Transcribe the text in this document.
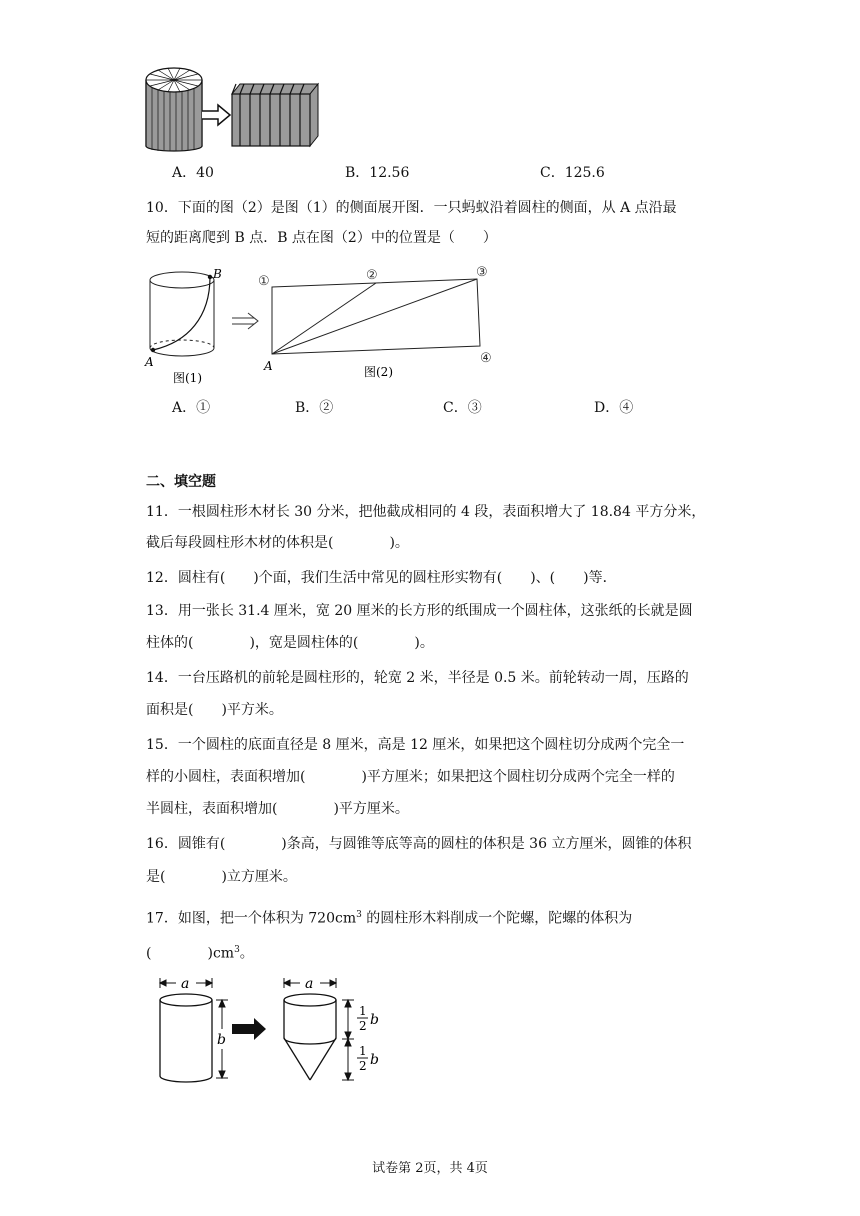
A．40	B．12.56	C．125.6
10．下面的图（2）是图（1）的侧面展开图．一只蚂蚁沿着圆柱的侧面，从 A 点沿最
短的距离爬到 B 点．B 点在图（2）中的位置是（　　）
B
A
图(1)
①	②	③
④
A	图(2)
A．①	B．②	C．③	D．④
二、填空题
11．一根圆柱形木材长 30 分米，把他截成相同的 4 段，表面积增大了 18.84 平方分米，
截后每段圆柱形木材的体积是(　　　　)。
12．圆柱有(　　)个面，我们生活中常见的圆柱形实物有(　　)、(　　)等．
13．用一张长 31.4 厘米，宽 20 厘米的长方形的纸围成一个圆柱体，这张纸的长就是圆
柱体的(　　　　)，宽是圆柱体的(　　　　)。
14．一台压路机的前轮是圆柱形的，轮宽 2 米，半径是 0.5 米。前轮转动一周，压路的
面积是(　　)平方米。
15．一个圆柱的底面直径是 8 厘米，高是 12 厘米，如果把这个圆柱切分成两个完全一
样的小圆柱，表面积增加(　　　　)平方厘米；如果把这个圆柱切分成两个完全一样的
半圆柱，表面积增加(　　　　)平方厘米。
16．圆锥有(　　　　)条高，与圆锥等底等高的圆柱的体积是 36 立方厘米，圆锥的体积
是(　　　　)立方厘米。
17．如图，把一个体积为 $720cm^3$ 的圆柱形木料削成一个陀螺，陀螺的体积为
(　　　　)$cm^3$。
a
b
a
1
2 b
1
2 b
试卷第 2页，共 4页
